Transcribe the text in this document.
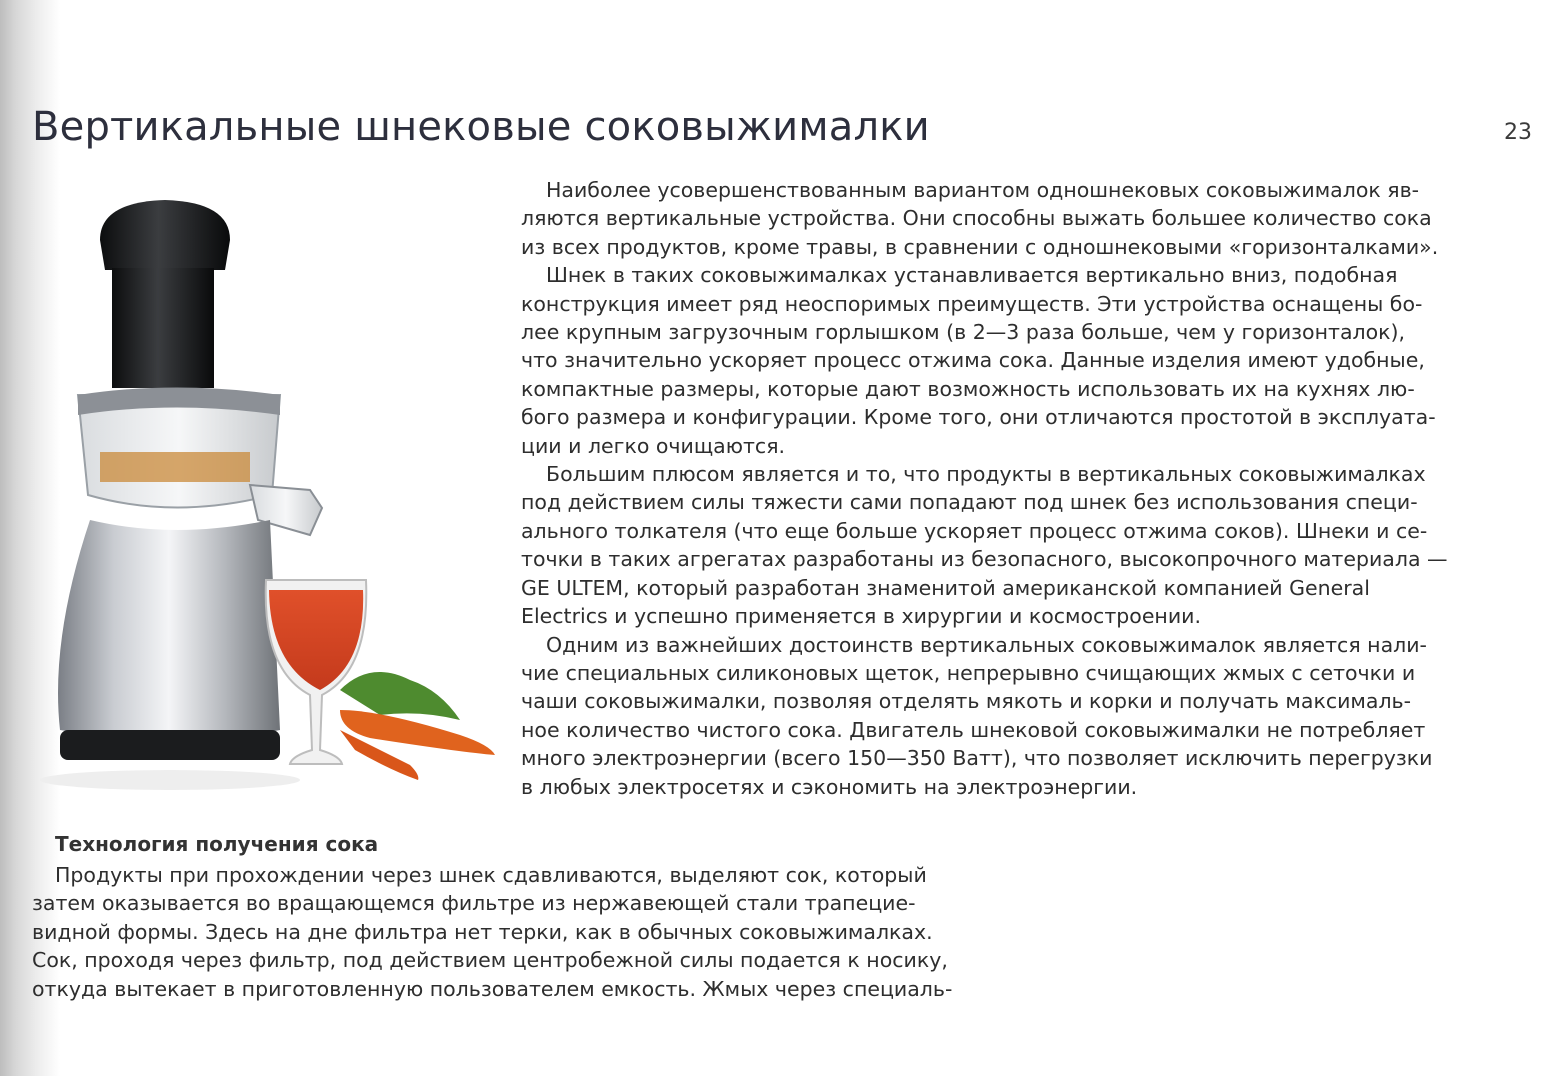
Вертикальные шнековые соковыжималки	23
Наиболее усовершенствованным вариантом одношнековых соковыжималок яв-
ляются вертикальные устройства. Они способны выжать большее количество сока
из всех продуктов, кроме травы, в сравнении с одношнековыми «горизонталками».
Шнек в таких соковыжималках устанавливается вертикально вниз, подобная
конструкция имеет ряд неоспоримых преимуществ. Эти устройства оснащены бо-
лее крупным загрузочным горлышком (в 2—3 раза больше, чем у горизонталок),
что значительно ускоряет процесс отжима сока. Данные изделия имеют удобные,
компактные размеры, которые дают возможность использовать их на кухнях лю-
бого размера и конфигурации. Кроме того, они отличаются простотой в эксплуата-
ции и легко очищаются.
Большим плюсом является и то, что продукты в вертикальных соковыжималках
под действием силы тяжести сами попадают под шнек без использования специ-
ального толкателя (что еще больше ускоряет процесс отжима соков). Шнеки и се-
точки в таких агрегатах разработаны из безопасного, высокопрочного материала —
GE ULTEM, который разработан знаменитой американской компанией General
Electrics и успешно применяется в хирургии и космостроении.
Одним из важнейших достоинств вертикальных соковыжималок является нали-
чие специальных силиконовых щеток, непрерывно счищающих жмых с сеточки и
чаши соковыжималки, позволяя отделять мякоть и корки и получать максималь-
ное количество чистого сока. Двигатель шнековой соковыжималки не потребляет
много электроэнергии (всего 150—350 Ватт), что позволяет исключить перегрузки
в любых электросетях и сэкономить на электроэнергии.
Технология получения сока
Продукты при прохождении через шнек сдавливаются, выделяют сок, который
затем оказывается во вращающемся фильтре из нержавеющей стали трапецие-
видной формы. Здесь на дне фильтра нет терки, как в обычных соковыжималках.
Сок, проходя через фильтр, под действием центробежной силы подается к носику,
откуда вытекает в приготовленную пользователем емкость. Жмых через специаль-
